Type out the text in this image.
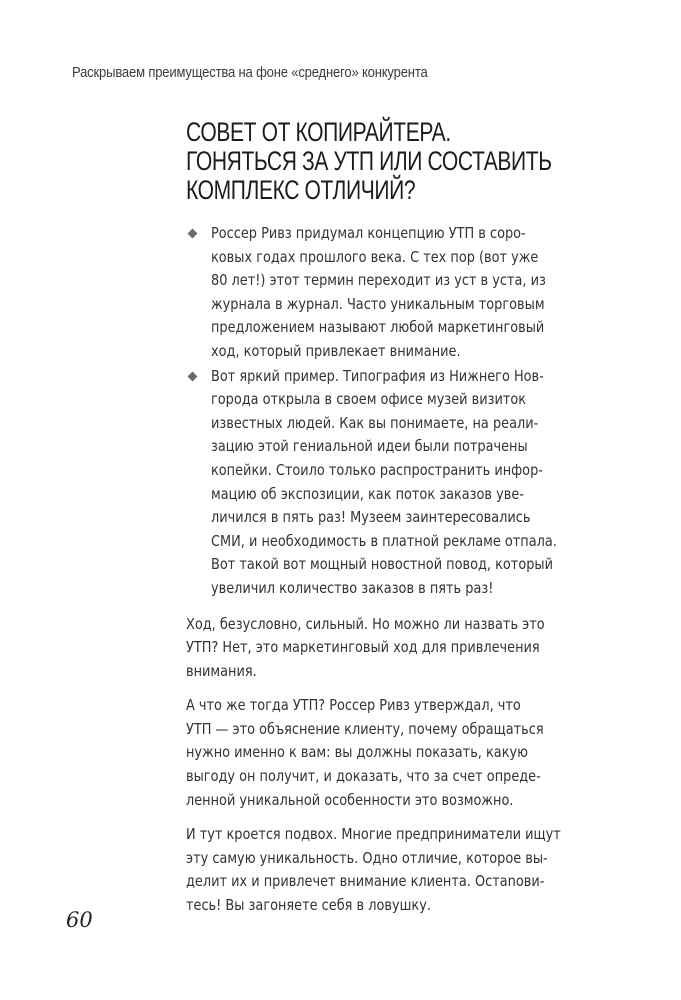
Раскрываем преимущества на фоне «среднего» конкурента
СОВЕТ ОТ КОПИРАЙТЕРА.
ГОНЯТЬСЯ ЗА УТП ИЛИ СОСТАВИТЬ
КОМПЛЕКС ОТЛИЧИЙ?
Россер Ривз придумал концепцию УТП в соро-
ковых годах прошлого века. С тех пор (вот уже
80 лет!) этот термин переходит из уст в уста, из
журнала в журнал. Часто уникальным торговым
предложением называют любой маркетинговый
ход, который привлекает внимание.
Вот яркий пример. Типография из Нижнего Нов-
города открыла в своем офисе музей визиток
известных людей. Как вы понимаете, на реали-
зацию этой гениальной идеи были потрачены
копейки. Стоило только распространить инфор-
мацию об экспозиции, как поток заказов уве-
личился в пять раз! Музеем заинтересовались
СМИ, и необходимость в платной рекламе отпала.
Вот такой вот мощный новостной повод, который
увеличил количество заказов в пять раз!
Ход, безусловно, сильный. Но можно ли назвать это
УТП? Нет, это маркетинговый ход для привлечения
внимания.
А что же тогда УТП? Россер Ривз утверждал, что
УТП — это объяснение клиенту, почему обращаться
нужно именно к вам: вы должны показать, какую
выгоду он получит, и доказать, что за счет опреде-
ленной уникальной особенности это возможно.
И тут кроется подвох. Многие предприниматели ищут
эту самую уникальность. Одно отличие, которое вы-
делит их и привлечет внимание клиента. Остanови-
тесь! Вы загоняете себя в ловушку.
60
